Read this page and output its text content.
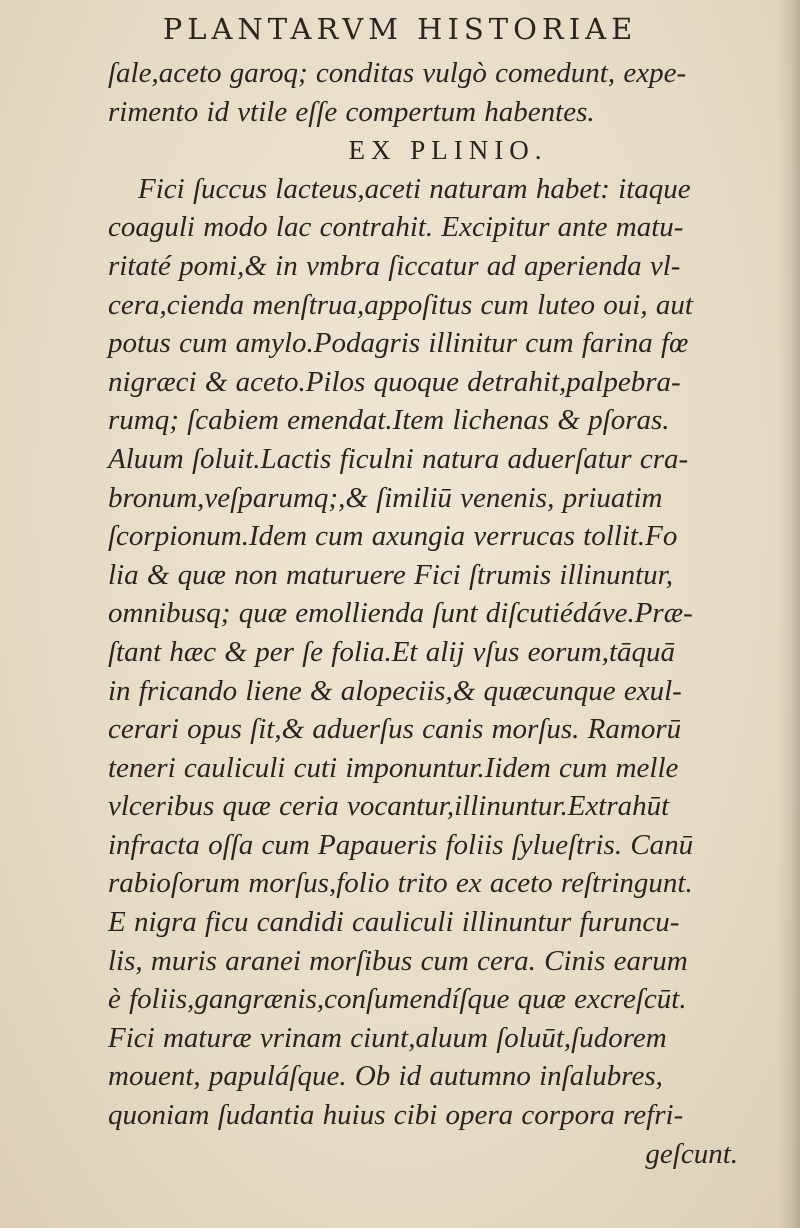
PLANTARVM HISTORIAE
ſale,aceto garoq; conditas vulgò comedunt, expe-
rimento id vtile eſſe compertum habentes.
EX PLINIO.
Fici ſuccus lacteus,aceti naturam habet: itaque
coaguli modo lac contrahit. Excipitur ante matu-
ritaté pomi,& in vmbra ſiccatur ad aperienda vl-
cera,cienda menſtrua,appoſitus cum luteo oui, aut
potus cum amylo.Podagris illinitur cum farina fœ
nigræci & aceto.Pilos quoque detrahit,palpebra-
rumq; ſcabiem emendat.Item lichenas & pſoras.
Aluum ſoluit.Lactis ficulni natura aduerſatur cra-
bronum,veſparumq;,& ſimiliū venenis, priuatim
ſcorpionum.Idem cum axungia verrucas tollit.Fo
lia & quæ non maturuere Fici ſtrumis illinuntur,
omnibusq; quæ emollienda ſunt diſcutiédáve.Præ-
ſtant hæc & per ſe folia.Et alij vſus eorum,tāquā
in fricando liene & alopeciis,& quæcunque exul-
cerari opus ſit,& aduerſus canis morſus. Ramorū
teneri cauliculi cuti imponuntur.Iidem cum melle
vlceribus quæ ceria vocantur,illinuntur.Extrahūt
infracta oſſa cum Papaueris foliis ſylueſtris. Canū
rabioſorum morſus,folio trito ex aceto reſtringunt.
E nigra ficu candidi cauliculi illinuntur furuncu-
lis, muris aranei morſibus cum cera. Cinis earum
è foliis,gangrænis,conſumendíſque quæ excreſcūt.
Fici maturæ vrinam ciunt,aluum ſoluūt,ſudorem
mouent, papuláſque. Ob id autumno inſalubres,
quoniam ſudantia huius cibi opera corpora refri-
geſcunt.
